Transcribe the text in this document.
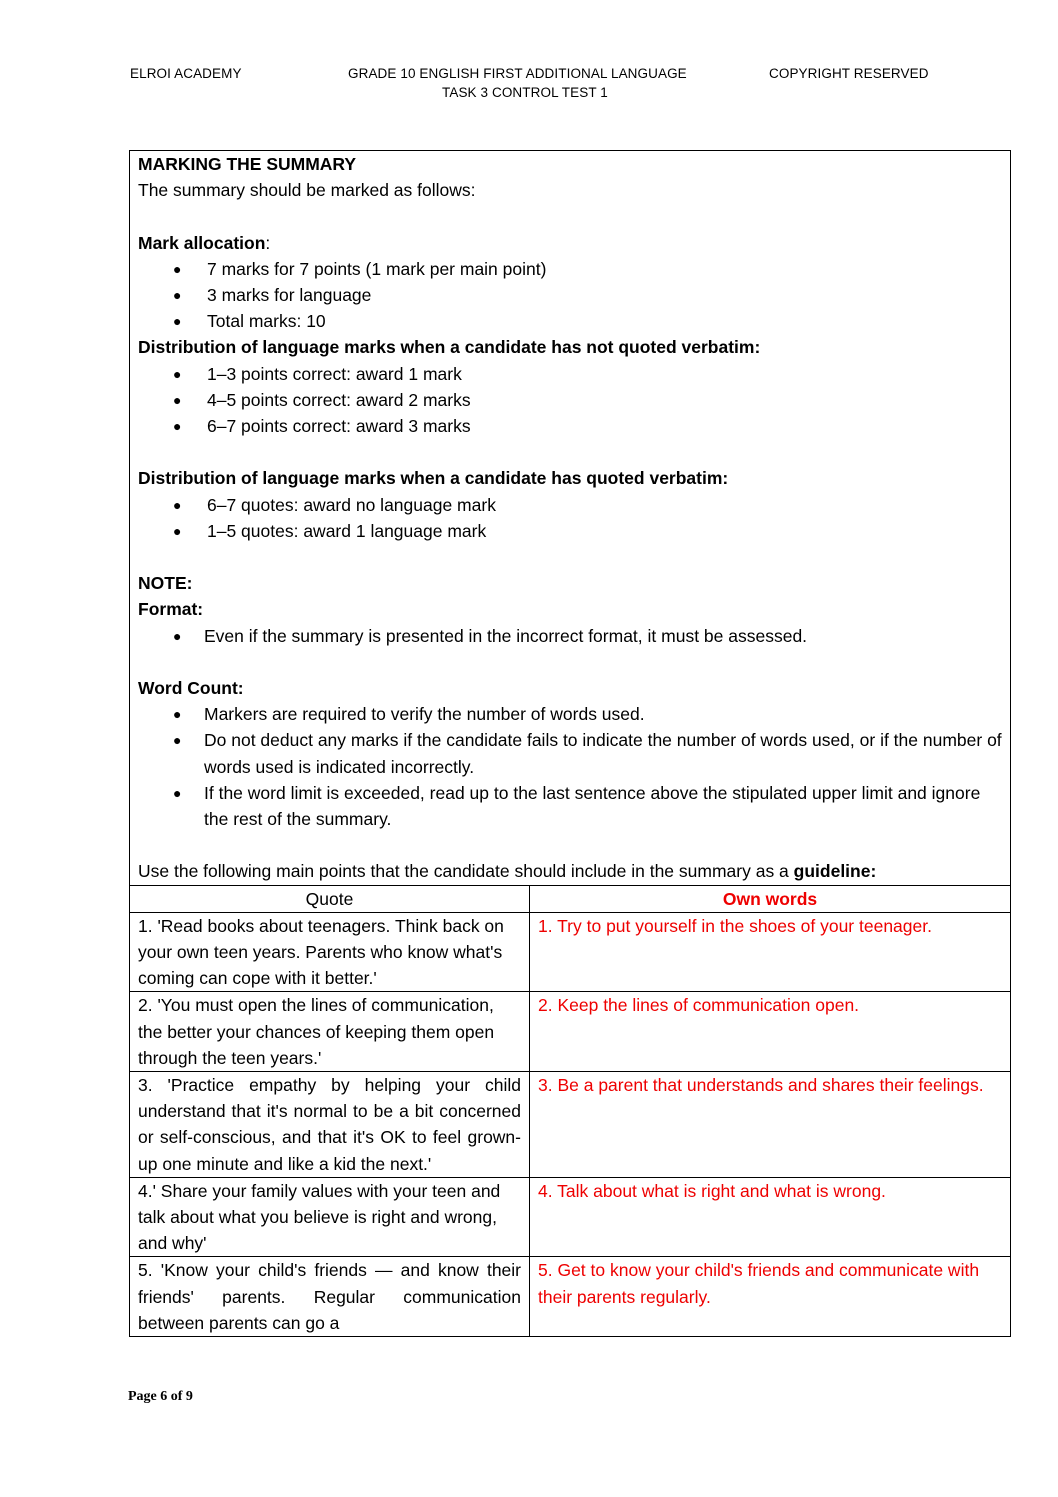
ELROI ACADEMY	GRADE 10 ENGLISH FIRST ADDITIONAL LANGUAGE
TASK 3 CONTROL TEST 1
COPYRIGHT RESERVED
MARKING THE SUMMARY
The summary should be marked as follows:
Mark allocation:
● 7 marks for 7 points (1 mark per main point)
● 3 marks for language
● Total marks: 10
Distribution of language marks when a candidate has not quoted verbatim:
● 1–3 points correct: award 1 mark
● 4–5 points correct: award 2 marks
● 6–7 points correct: award 3 marks
Distribution of language marks when a candidate has quoted verbatim:
● 6–7 quotes: award no language mark
● 1–5 quotes: award 1 language mark
NOTE:
Format:
● Even if the summary is presented in the incorrect format, it must be assessed.
Word Count:
● Markers are required to verify the number of words used.
● Do not deduct any marks if the candidate fails to indicate the number of words used, or if the number of words used is indicated incorrectly.
● If the word limit is exceeded, read up to the last sentence above the stipulated upper limit and ignore the rest of the summary.
Use the following main points that the candidate should include in the summary as a guideline:
Quote	Own words
1. 'Read books about teenagers. Think back on your own teen years. Parents who know what's coming can cope with it better.'	1. Try to put yourself in the shoes of your teenager.
2. 'You must open the lines of communication, the better your chances of keeping them open through the teen years.'	2. Keep the lines of communication open.
3. 'Practice empathy by helping your child understand that it's normal to be a bit concerned or self-conscious, and that it's OK to feel grown-up one minute and like a kid the next.'	3. Be a parent that understands and shares their feelings.
4.' Share your family values with your teen and talk about what you believe is right and wrong, and why'	4. Talk about what is right and what is wrong.
5. 'Know your child's friends — and know their friends' parents. Regular communication between parents can go a	5. Get to know your child's friends and communicate with their parents regularly.
Page 6 of 9
